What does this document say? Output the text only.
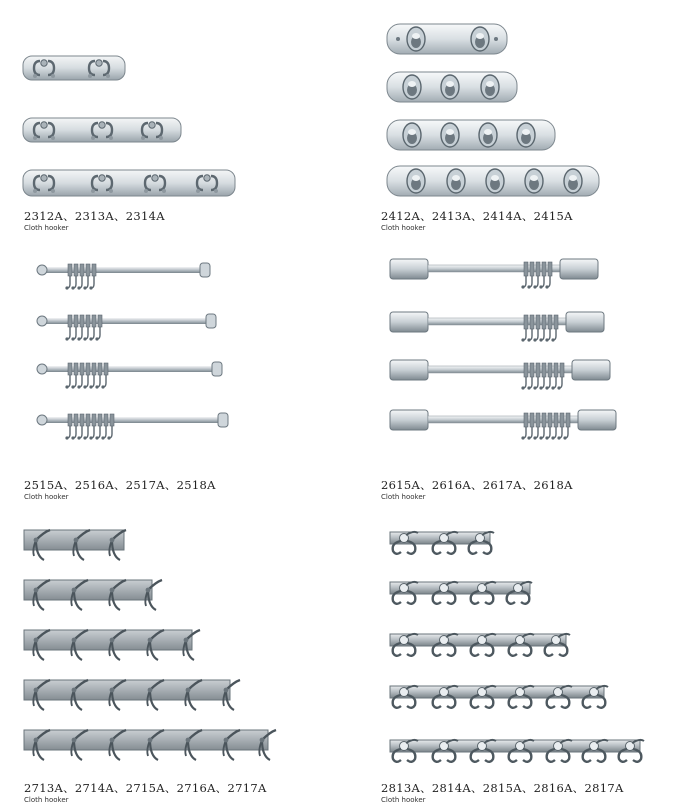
2312A、2313A、2314A
Cloth hooker
2412A、2413A、2414A、2415A
Cloth hooker
2515A、2516A、2517A、2518A
Cloth hooker
2615A、2616A、2617A、2618A
Cloth hooker
2713A、2714A、2715A、2716A、2717A
Cloth hooker
2813A、2814A、2815A、2816A、2817A
Cloth hooker
